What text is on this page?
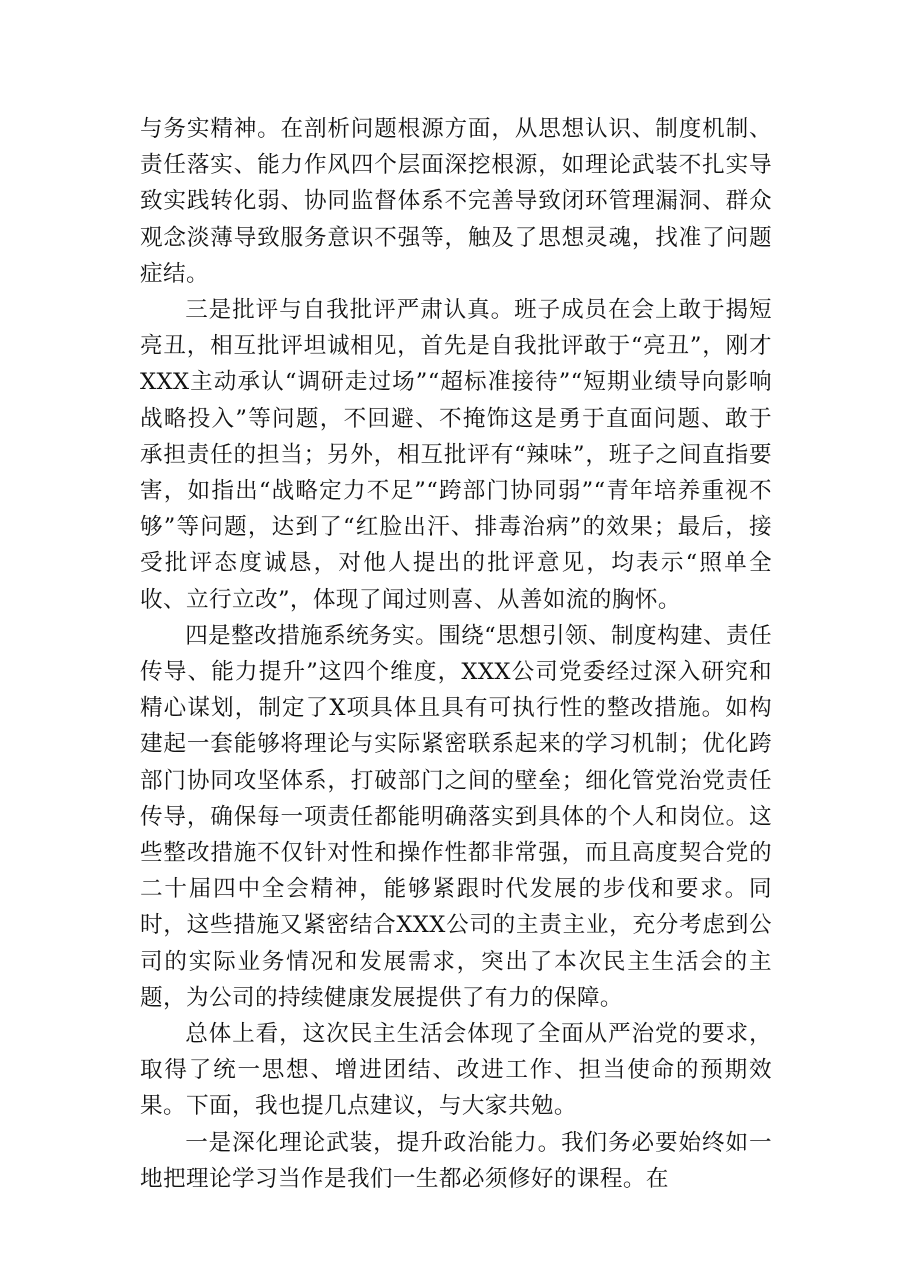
与务实精神。在剖析问题根源方面，从思想认识、制度机制、责任落实、能力作风四个层面深挖根源，如理论武装不扎实导致实践转化弱、协同监督体系不完善导致闭环管理漏洞、群众观念淡薄导致服务意识不强等，触及了思想灵魂，找准了问题症结。

三是批评与自我批评严肃认真。班子成员在会上敢于揭短亮丑，相互批评坦诚相见，首先是自我批评敢于“亮丑”，刚才XXX主动承认“调研走过场”“超标准接待”“短期业绩导向影响战略投入”等问题，不回避、不掩饰这是勇于直面问题、敢于承担责任的担当；另外，相互批评有“辣味”，班子之间直指要害，如指出“战略定力不足”“跨部门协同弱”“青年培养重视不够”等问题，达到了“红脸出汗、排毒治病”的效果；最后，接受批评态度诚恳，对他人提出的批评意见，均表示“照单全收、立行立改”，体现了闻过则喜、从善如流的胸怀。

四是整改措施系统务实。围绕“思想引领、制度构建、责任传导、能力提升”这四个维度，XXX公司党委经过深入研究和精心谋划，制定了X项具体且具有可执行性的整改措施。如构建起一套能够将理论与实际紧密联系起来的学习机制；优化跨部门协同攻坚体系，打破部门之间的壁垒；细化管党治党责任传导，确保每一项责任都能明确落实到具体的个人和岗位。这些整改措施不仅针对性和操作性都非常强，而且高度契合党的二十届四中全会精神，能够紧跟时代发展的步伐和要求。同时，这些措施又紧密结合XXX公司的主责主业，充分考虑到公司的实际业务情况和发展需求，突出了本次民主生活会的主题，为公司的持续健康发展提供了有力的保障。

总体上看，这次民主生活会体现了全面从严治党的要求，取得了统一思想、增进团结、改进工作、担当使命的预期效果。下面，我也提几点建议，与大家共勉。

一是深化理论武装，提升政治能力。我们务必要始终如一地把理论学习当作是我们一生都必须修好的课程。在
